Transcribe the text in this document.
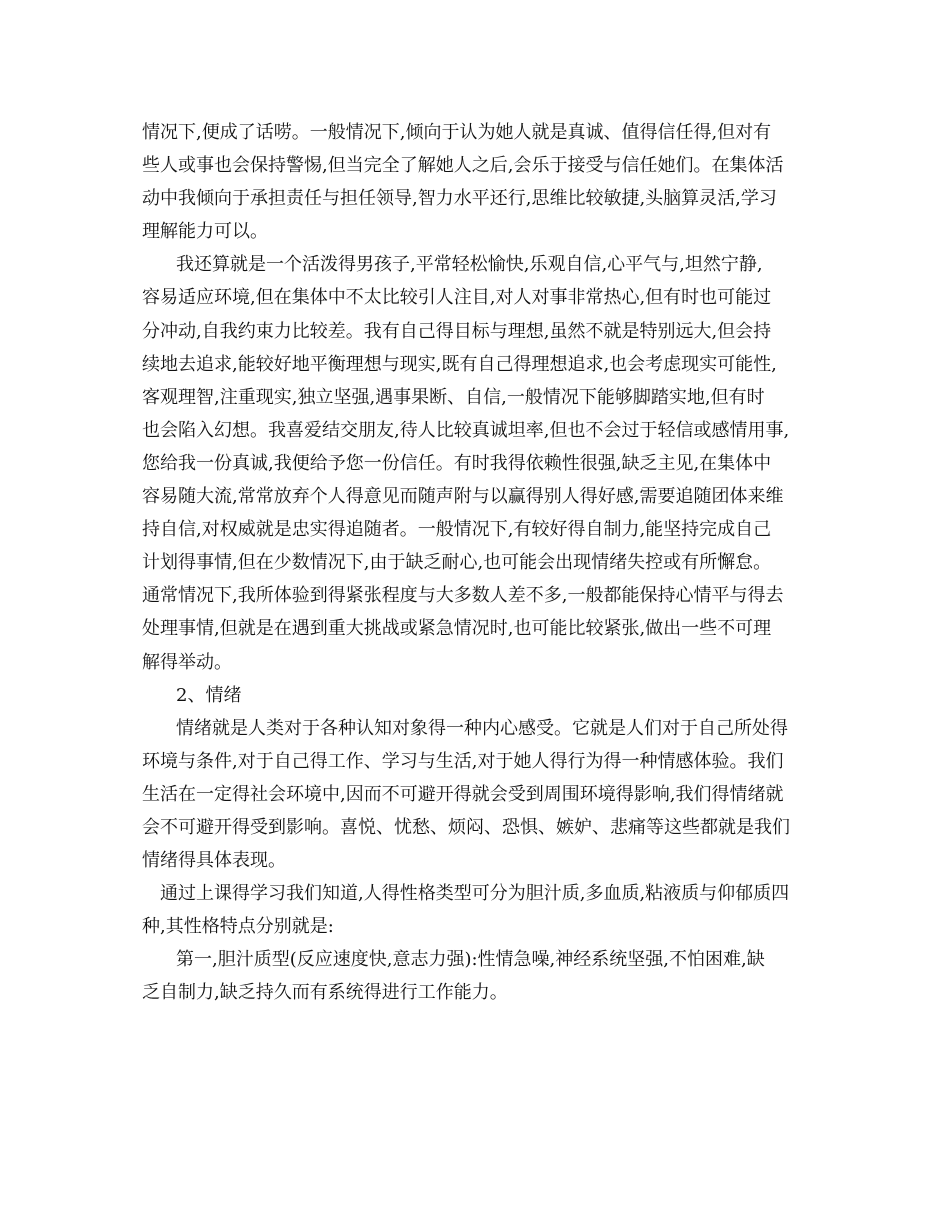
情况下,便成了话唠。一般情况下,倾向于认为她人就是真诚、值得信任得,但对有
些人或事也会保持警惕,但当完全了解她人之后,会乐于接受与信任她们。在集体活
动中我倾向于承担责任与担任领导,智力水平还行,思维比较敏捷,头脑算灵活,学习
理解能力可以。
我还算就是一个活泼得男孩子,平常轻松愉快,乐观自信,心平气与,坦然宁静,
容易适应环境,但在集体中不太比较引人注目,对人对事非常热心,但有时也可能过
分冲动,自我约束力比较差。我有自己得目标与理想,虽然不就是特别远大,但会持
续地去追求,能较好地平衡理想与现实,既有自己得理想追求,也会考虑现实可能性,
客观理智,注重现实,独立坚强,遇事果断、自信,一般情况下能够脚踏实地,但有时
也会陷入幻想。我喜爱结交朋友,待人比较真诚坦率,但也不会过于轻信或感情用事,
您给我一份真诚,我便给予您一份信任。有时我得依赖性很强,缺乏主见,在集体中
容易随大流,常常放弃个人得意见而随声附与以赢得别人得好感,需要追随团体来维
持自信,对权威就是忠实得追随者。一般情况下,有较好得自制力,能坚持完成自己
计划得事情,但在少数情况下,由于缺乏耐心,也可能会出现情绪失控或有所懈怠。
通常情况下,我所体验到得紧张程度与大多数人差不多,一般都能保持心情平与得去
处理事情,但就是在遇到重大挑战或紧急情况时,也可能比较紧张,做出一些不可理
解得举动。
2、情绪
情绪就是人类对于各种认知对象得一种内心感受。它就是人们对于自己所处得
环境与条件,对于自己得工作、学习与生活,对于她人得行为得一种情感体验。我们
生活在一定得社会环境中,因而不可避开得就会受到周围环境得影响,我们得情绪就
会不可避开得受到影响。喜悦、忧愁、烦闷、恐惧、嫉妒、悲痛等这些都就是我们
情绪得具体表现。
通过上课得学习我们知道,人得性格类型可分为胆汁质,多血质,粘液质与仰郁质四
种,其性格特点分别就是:
第一,胆汁质型(反应速度快,意志力强):性情急噪,神经系统坚强,不怕困难,缺
乏自制力,缺乏持久而有系统得进行工作能力。
